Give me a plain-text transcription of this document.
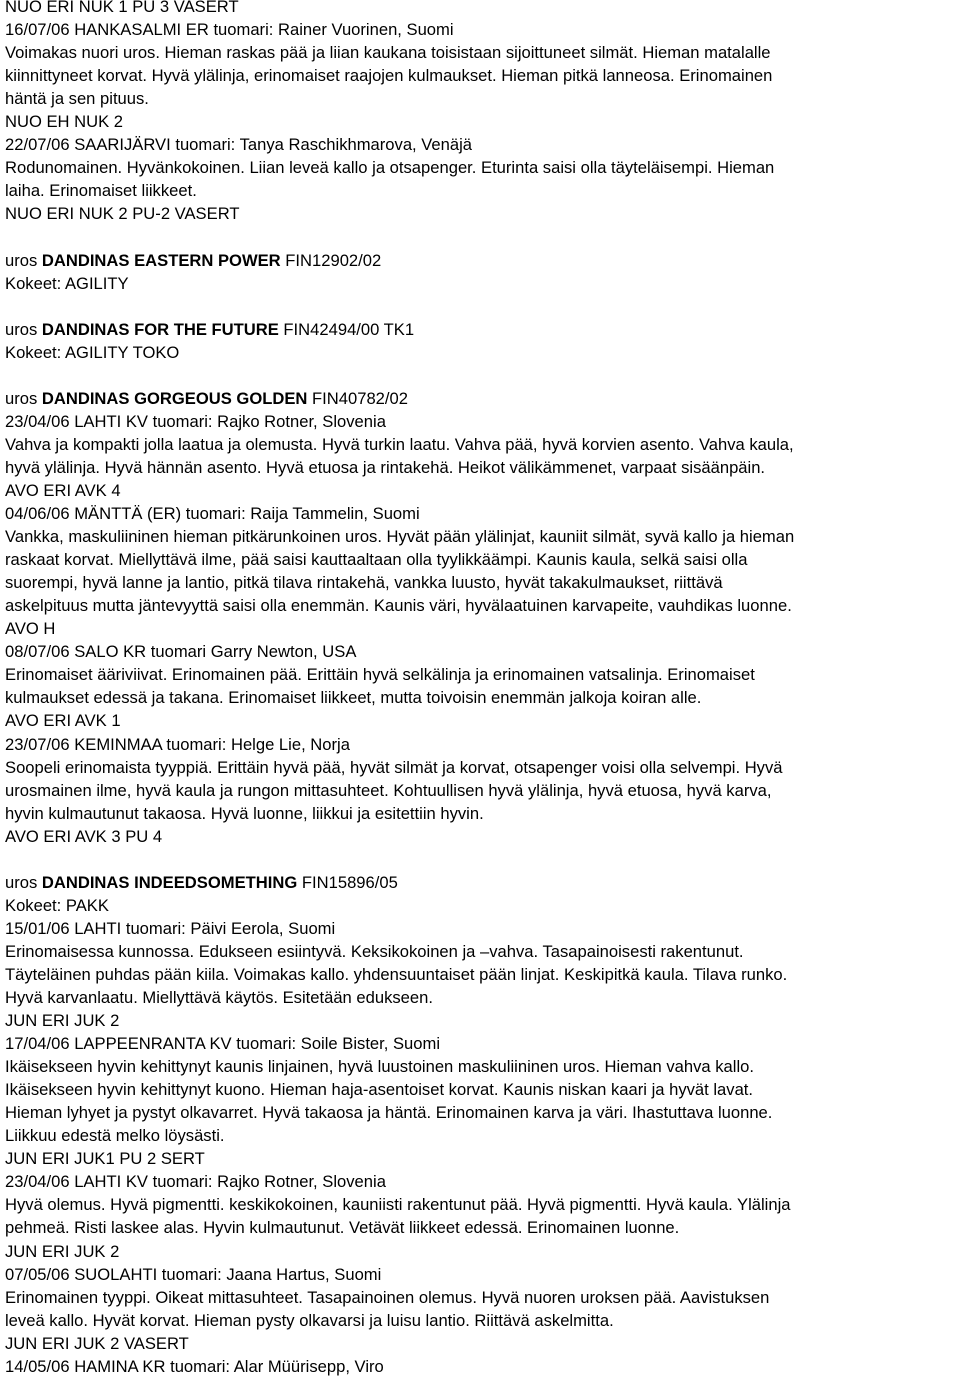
NUO ERI NUK 1 PU 3 VASERT
16/07/06 HANKASALMI ER tuomari: Rainer Vuorinen, Suomi
Voimakas nuori uros. Hieman raskas pää ja liian kaukana toisistaan sijoittuneet silmät. Hieman matalalle
kiinnittyneet korvat. Hyvä ylälinja, erinomaiset raajojen kulmaukset. Hieman pitkä lanneosa. Erinomainen
häntä ja sen pituus.
NUO EH NUK 2
22/07/06 SAARIJÄRVI tuomari: Tanya Raschikhmarova, Venäjä
Rodunomainen. Hyvänkokoinen. Liian leveä kallo ja otsapenger. Eturinta saisi olla täyteläisempi. Hieman
laiha. Erinomaiset liikkeet.
NUO ERI NUK 2 PU-2 VASERT
uros DANDINAS EASTERN POWER FIN12902/02
Kokeet: AGILITY
uros DANDINAS FOR THE FUTURE FIN42494/00 TK1
Kokeet: AGILITY TOKO
uros DANDINAS GORGEOUS GOLDEN FIN40782/02
23/04/06 LAHTI KV tuomari: Rajko Rotner, Slovenia
Vahva ja kompakti jolla laatua ja olemusta. Hyvä turkin laatu. Vahva pää, hyvä korvien asento. Vahva kaula,
hyvä ylälinja. Hyvä hännän asento. Hyvä etuosa ja rintakehä. Heikot välikämmenet, varpaat sisäänpäin.
AVO ERI AVK 4
04/06/06 MÄNTTÄ (ER) tuomari: Raija Tammelin, Suomi
Vankka, maskuliininen hieman pitkärunkoinen uros. Hyvät pään ylälinjat, kauniit silmät, syvä kallo ja hieman
raskaat korvat. Miellyttävä ilme, pää saisi kauttaaltaan olla tyylikkäämpi. Kaunis kaula, selkä saisi olla
suorempi, hyvä lanne ja lantio, pitkä tilava rintakehä, vankka luusto, hyvät takakulmaukset, riittävä
askelpituus mutta jäntevyyttä saisi olla enemmän. Kaunis väri, hyvälaatuinen karvapeite, vauhdikas luonne.
AVO H
08/07/06 SALO KR tuomari Garry Newton, USA
Erinomaiset ääriviivat. Erinomainen pää. Erittäin hyvä selkälinja ja erinomainen vatsalinja. Erinomaiset
kulmaukset edessä ja takana. Erinomaiset liikkeet, mutta toivoisin enemmän jalkoja koiran alle.
AVO ERI AVK 1
23/07/06 KEMINMAA tuomari: Helge Lie, Norja
Soopeli erinomaista tyyppiä. Erittäin hyvä pää, hyvät silmät ja korvat, otsapenger voisi olla selvempi. Hyvä
urosmainen ilme, hyvä kaula ja rungon mittasuhteet. Kohtuullisen hyvä ylälinja, hyvä etuosa, hyvä karva,
hyvin kulmautunut takaosa. Hyvä luonne, liikkui ja esitettiin hyvin.
AVO ERI AVK 3 PU 4
uros DANDINAS INDEEDSOMETHING FIN15896/05
Kokeet: PAKK
15/01/06 LAHTI tuomari: Päivi Eerola, Suomi
Erinomaisessa kunnossa. Edukseen esiintyvä. Keksikokoinen ja –vahva. Tasapainoisesti rakentunut.
Täyteläinen puhdas pään kiila. Voimakas kallo. yhdensuuntaiset pään linjat. Keskipitkä kaula. Tilava runko.
Hyvä karvanlaatu. Miellyttävä käytös. Esitetään edukseen.
JUN ERI JUK 2
17/04/06 LAPPEENRANTA KV tuomari: Soile Bister, Suomi
Ikäisekseen hyvin kehittynyt kaunis linjainen, hyvä luustoinen maskuliininen uros. Hieman vahva kallo.
Ikäisekseen hyvin kehittynyt kuono. Hieman haja-asentoiset korvat. Kaunis niskan kaari ja hyvät lavat.
Hieman lyhyet ja pystyt olkavarret. Hyvä takaosa ja häntä. Erinomainen karva ja väri. Ihastuttava luonne.
Liikkuu edestä melko löysästi.
JUN ERI JUK1 PU 2 SERT
23/04/06 LAHTI KV tuomari: Rajko Rotner, Slovenia
Hyvä olemus. Hyvä pigmentti. keskikokoinen, kauniisti rakentunut pää. Hyvä pigmentti. Hyvä kaula. Ylälinja
pehmeä. Risti laskee alas. Hyvin kulmautunut. Vetävät liikkeet edessä. Erinomainen luonne.
JUN ERI JUK 2
07/05/06 SUOLAHTI tuomari: Jaana Hartus, Suomi
Erinomainen tyyppi. Oikeat mittasuhteet. Tasapainoinen olemus. Hyvä nuoren uroksen pää. Aavistuksen
leveä kallo. Hyvät korvat. Hieman pysty olkavarsi ja luisu lantio. Riittävä askelmitta.
JUN ERI JUK 2 VASERT
14/05/06 HAMINA KR tuomari: Alar Müürisepp, Viro
